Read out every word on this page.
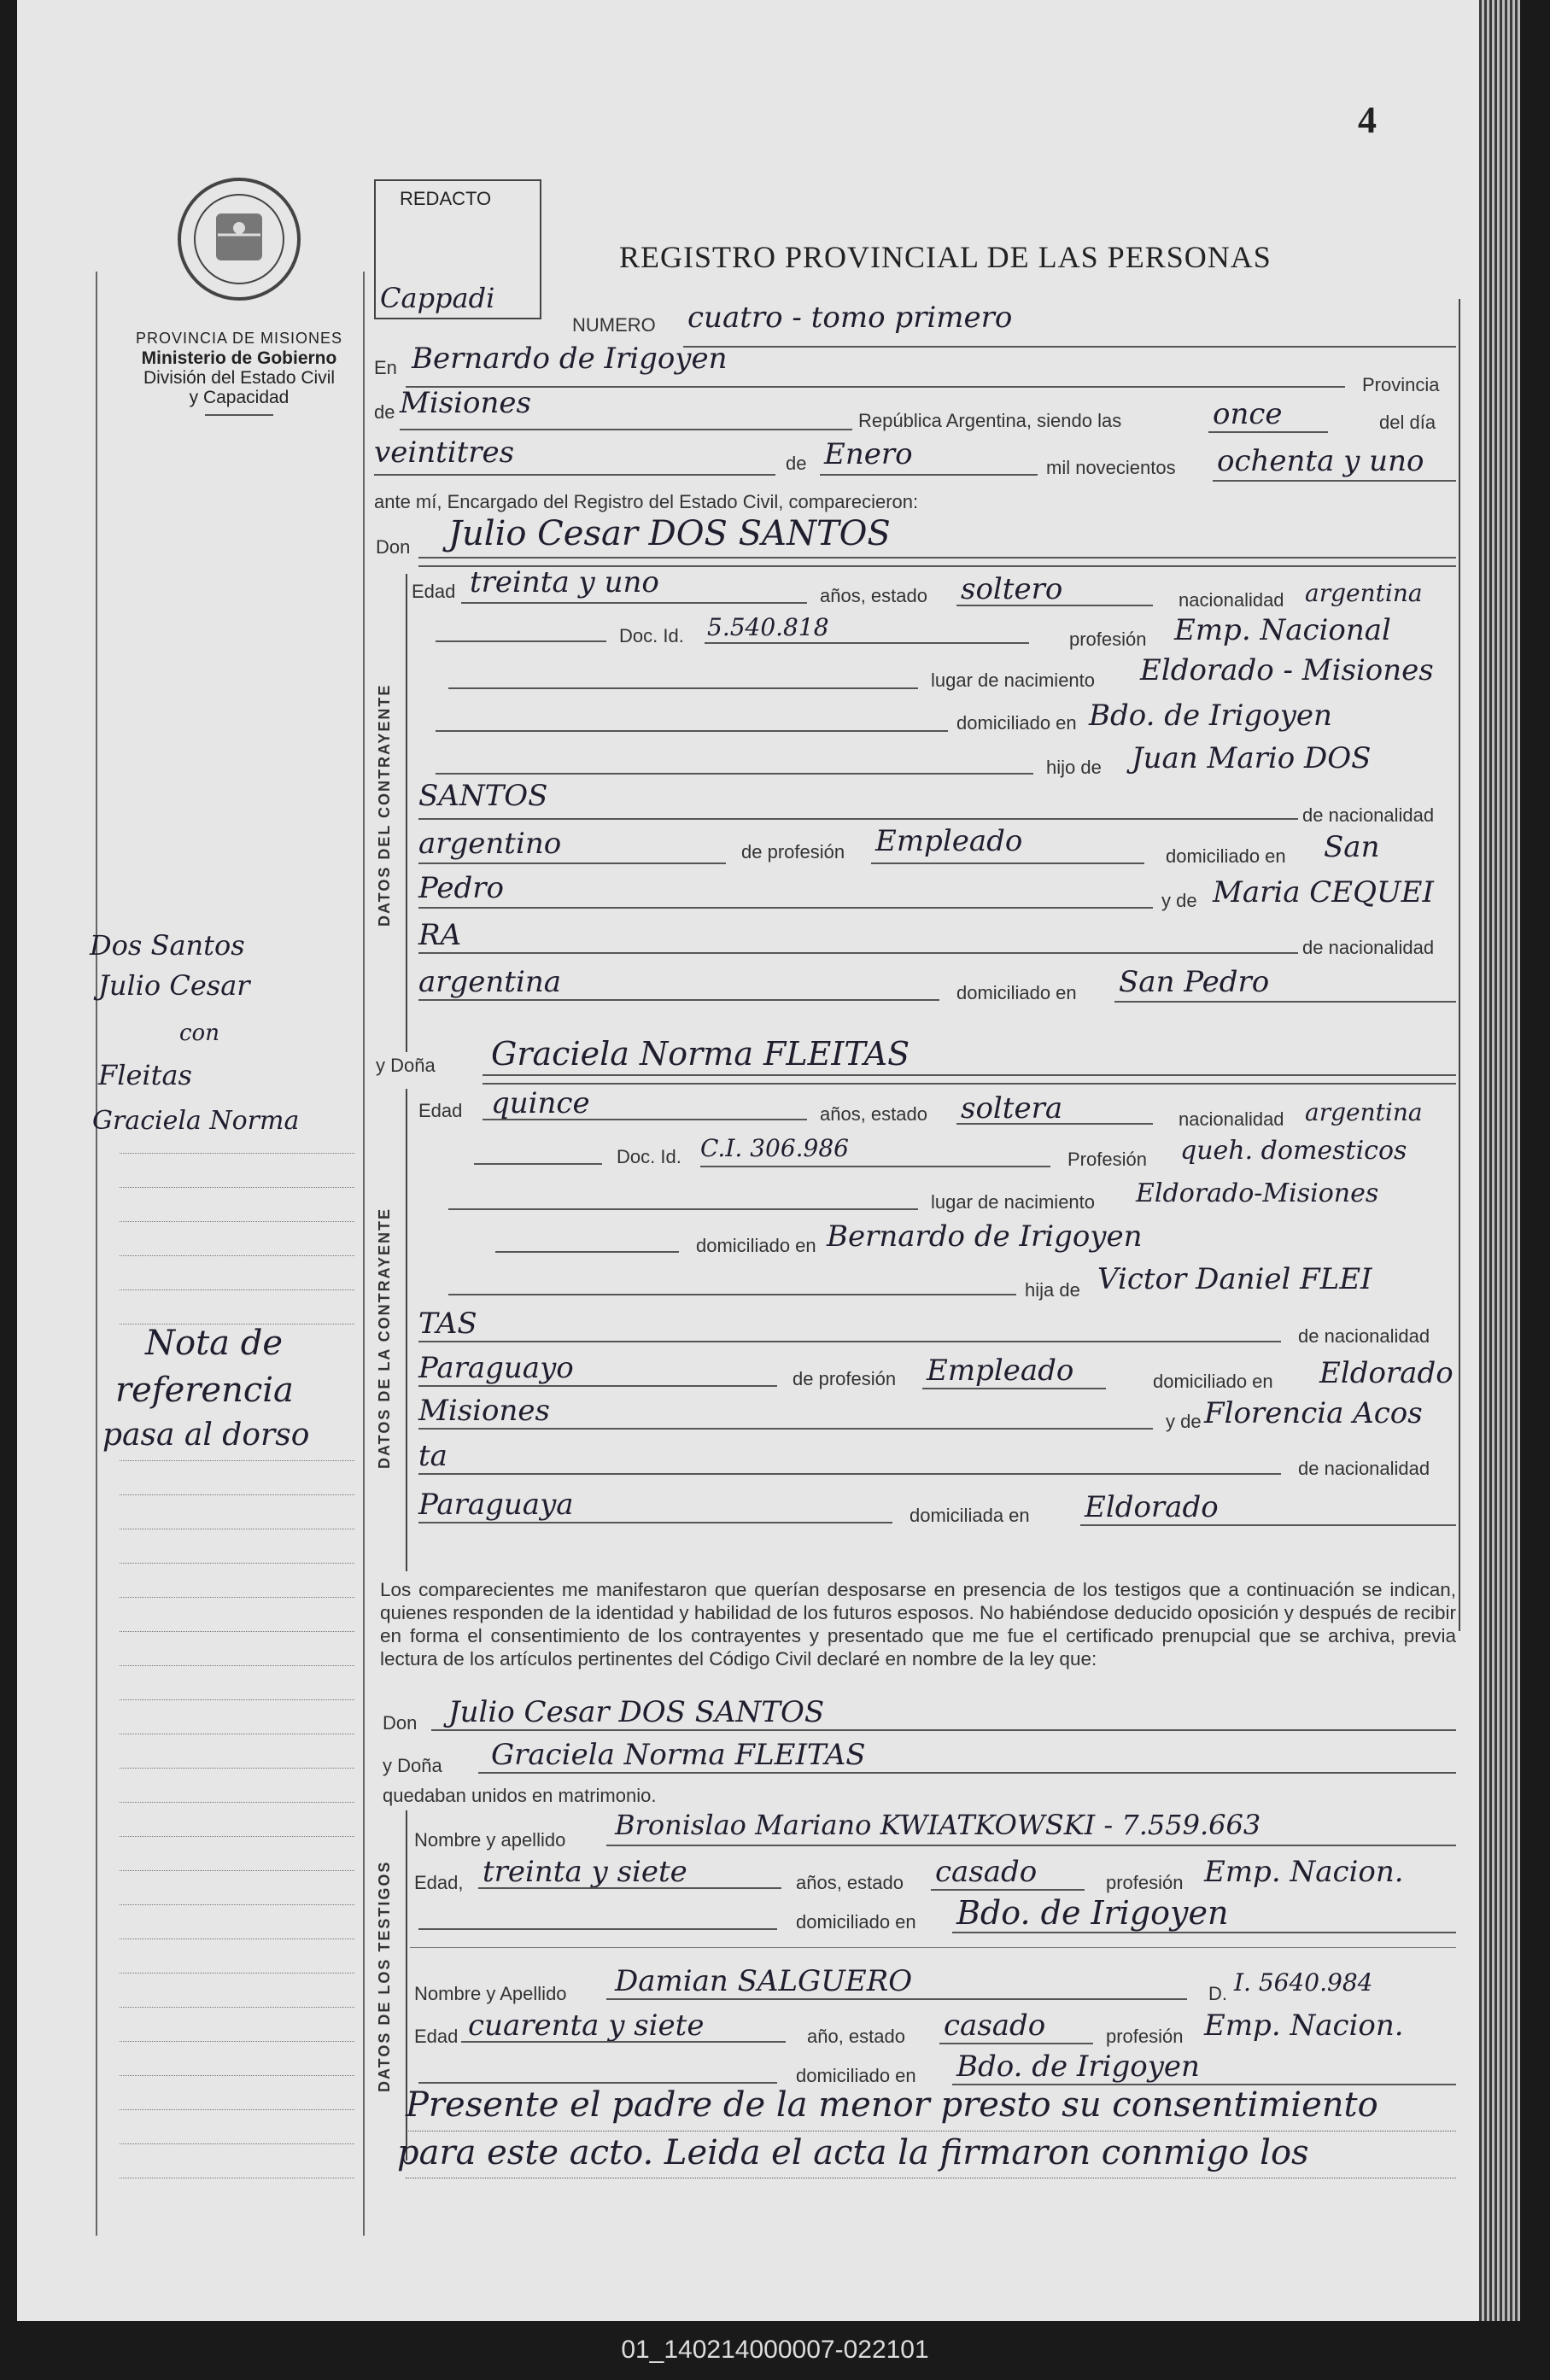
4
PROVINCIA DE MISIONES
Ministerio de Gobierno
División del Estado Civil
y Capacidad
Dos Santos
Julio Cesar
con
Fleitas
Graciela Norma
Nota de
referencia
pasa al dorso
REDACTO
Cappadi
REGISTRO PROVINCIAL DE LAS PERSONAS
NUMERO cuatro - tomo primero
En Bernardo de Irigoyen
Provincia
de Misiones
República Argentina, siendo las	once	del día
veintitres	de Enero	mil novecientos ochenta y uno
ante mí, Encargado del Registro del Estado Civil, comparecieron:
Don Julio Cesar DOS SANTOS
DATOS DEL CONTRAYENTE
Edad treinta y uno	años, estado soltero	nacionalidad argentina
Doc. Id. 5.540.818	profesión Emp. Nacional
lugar de nacimiento Eldorado - Misiones
domiciliado en Bdo. de Irigoyen
hijo de Juan Mario DOS
SANTOS
de nacionalidad
argentino	de profesión Empleado	domiciliado en San
Pedro	y de Maria CEQUEI
RA	de nacionalidad
argentina	domiciliado en San Pedro
y Doña Graciela Norma FLEITAS
DATOS DE LA CONTRAYENTE
Edad quince	años, estado soltera	nacionalidad argentina
Doc. Id. C.I. 306.986	Profesión queh. domesticos
lugar de nacimiento Eldorado-Misiones
domiciliado en Bernardo de Irigoyen
hija de Victor Daniel FLEI
TAS	de nacionalidad
Paraguayo	de profesión Empleado	domiciliado en Eldorado
Misiones	y de Florencia Acos
ta	de nacionalidad
Paraguaya	domiciliada en Eldorado
Los comparecientes me manifestaron que querían desposarse en presencia de los testigos que a continuación se indican, quienes responden de la identidad y habilidad de los futuros esposos. No habiéndose deducido oposición y después de recibir en forma el consentimiento de los contrayentes y presentado que me fue el certificado prenupcial que se archiva, previa lectura de los artículos pertinentes del Código Civil declaré en nombre de la ley que:
Don Julio Cesar DOS SANTOS
y Doña Graciela Norma FLEITAS
quedaban unidos en matrimonio.
DATOS DE LOS TESTIGOS
Nombre y apellido Bronislao Mariano KWIATKOWSKI - 7.559.663
Edad, treinta y siete	años, estado casado	profesión Emp. Nacion.
domiciliado en Bdo. de Irigoyen
Nombre y Apellido Damian SALGUERO	D. I. 5640.984
Edad cuarenta y siete	año, estado casado	profesión Emp. Nacion.
domiciliado en Bdo. de Irigoyen
Presente el padre de la menor presto su consentimiento
para este acto. Leida el acta la firmaron conmigo los
01_140214000007-022101
